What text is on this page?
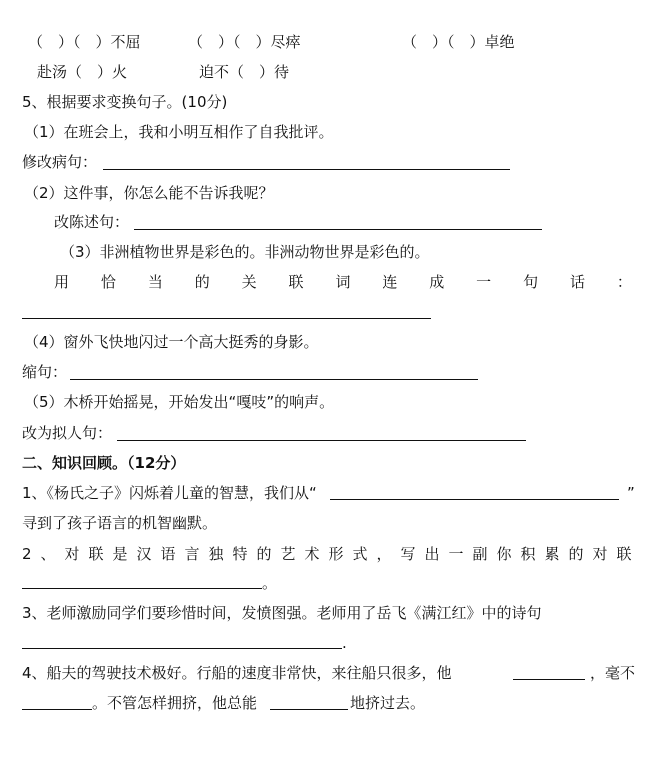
（　）（　）不屈	（　）（　）尽瘁	（　）（　）卓绝
赴汤（　）火	迫不（　）待
5、根据要求变换句子。(10分)
（1）在班会上，我和小明互相作了自我批评。
修改病句：
（2）这件事，你怎么能不告诉我呢？
改陈述句：
（3）非洲植物世界是彩色的。非洲动物世界是彩色的。
用 恰 当 的 关 联 词 连 成 一 句 话 ：
（4）窗外飞快地闪过一个高大挺秀的身影。
缩句：
（5）木桥开始摇晃，开始发出“嘎吱”的响声。
改为拟人句：
二、知识回顾。（12分）
1、《杨氏之子》闪烁着儿童的智慧，我们从“	”
寻到了孩子语言的机智幽默。
2、对联是汉语言独特的艺术形式，写出一副你积累的对联
。
3、老师激励同学们要珍惜时间，发愤图强。老师用了岳飞《满江红》中的诗句
.
4、船夫的驾驶技术极好。行船的速度非常快，来往船只很多，他	，毫不
。不管怎样拥挤，他总能	地挤过去。
